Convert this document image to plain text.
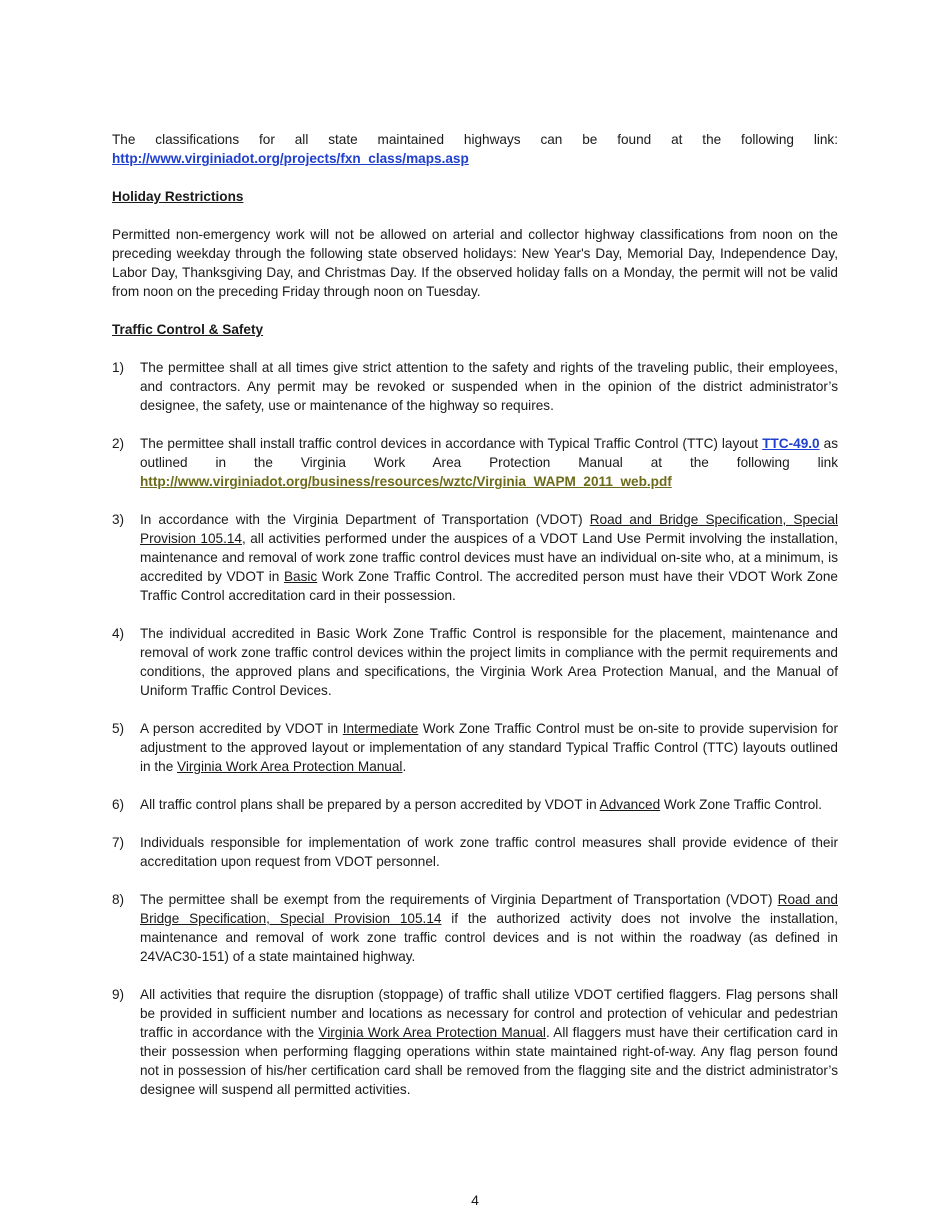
The classifications for all state maintained highways can be found at the following link:

http://www.virginiadot.org/projects/fxn_class/maps.asp

Holiday Restrictions

Permitted non-emergency work will not be allowed on arterial and collector highway classifications from noon on the preceding weekday through the following state observed holidays: New Year's Day, Memorial Day, Independence Day, Labor Day, Thanksgiving Day, and Christmas Day. If the observed holiday falls on a Monday, the permit will not be valid from noon on the preceding Friday through noon on Tuesday.

Traffic Control & Safety

1) The permittee shall at all times give strict attention to the safety and rights of the traveling public, their employees, and contractors. Any permit may be revoked or suspended when in the opinion of the district administrator’s designee, the safety, use or maintenance of the highway so requires.
2) The permittee shall install traffic control devices in accordance with Typical Traffic Control (TTC) layout TTC-49.0 as outlined in the Virginia Work Area Protection Manual at the following link http://www.virginiadot.org/business/resources/wztc/Virginia_WAPM_2011_web.pdf
3) In accordance with the Virginia Department of Transportation (VDOT) Road and Bridge Specification, Special Provision 105.14, all activities performed under the auspices of a VDOT Land Use Permit involving the installation, maintenance and removal of work zone traffic control devices must have an individual on-site who, at a minimum, is accredited by VDOT in Basic Work Zone Traffic Control. The accredited person must have their VDOT Work Zone Traffic Control accreditation card in their possession.
4) The individual accredited in Basic Work Zone Traffic Control is responsible for the placement, maintenance and removal of work zone traffic control devices within the project limits in compliance with the permit requirements and conditions, the approved plans and specifications, the Virginia Work Area Protection Manual, and the Manual of Uniform Traffic Control Devices.
5) A person accredited by VDOT in Intermediate Work Zone Traffic Control must be on-site to provide supervision for adjustment to the approved layout or implementation of any standard Typical Traffic Control (TTC) layouts outlined in the Virginia Work Area Protection Manual.
6) All traffic control plans shall be prepared by a person accredited by VDOT in Advanced Work Zone Traffic Control.
7) Individuals responsible for implementation of work zone traffic control measures shall provide evidence of their accreditation upon request from VDOT personnel.
8) The permittee shall be exempt from the requirements of Virginia Department of Transportation (VDOT) Road and Bridge Specification, Special Provision 105.14 if the authorized activity does not involve the installation, maintenance and removal of work zone traffic control devices and is not within the roadway (as defined in 24VAC30-151) of a state maintained highway.
9) All activities that require the disruption (stoppage) of traffic shall utilize VDOT certified flaggers. Flag persons shall be provided in sufficient number and locations as necessary for control and protection of vehicular and pedestrian traffic in accordance with the Virginia Work Area Protection Manual. All flaggers must have their certification card in their possession when performing flagging operations within state maintained right-of-way. Any flag person found not in possession of his/her certification card shall be removed from the flagging site and the district administrator’s designee will suspend all permitted activities.
4
